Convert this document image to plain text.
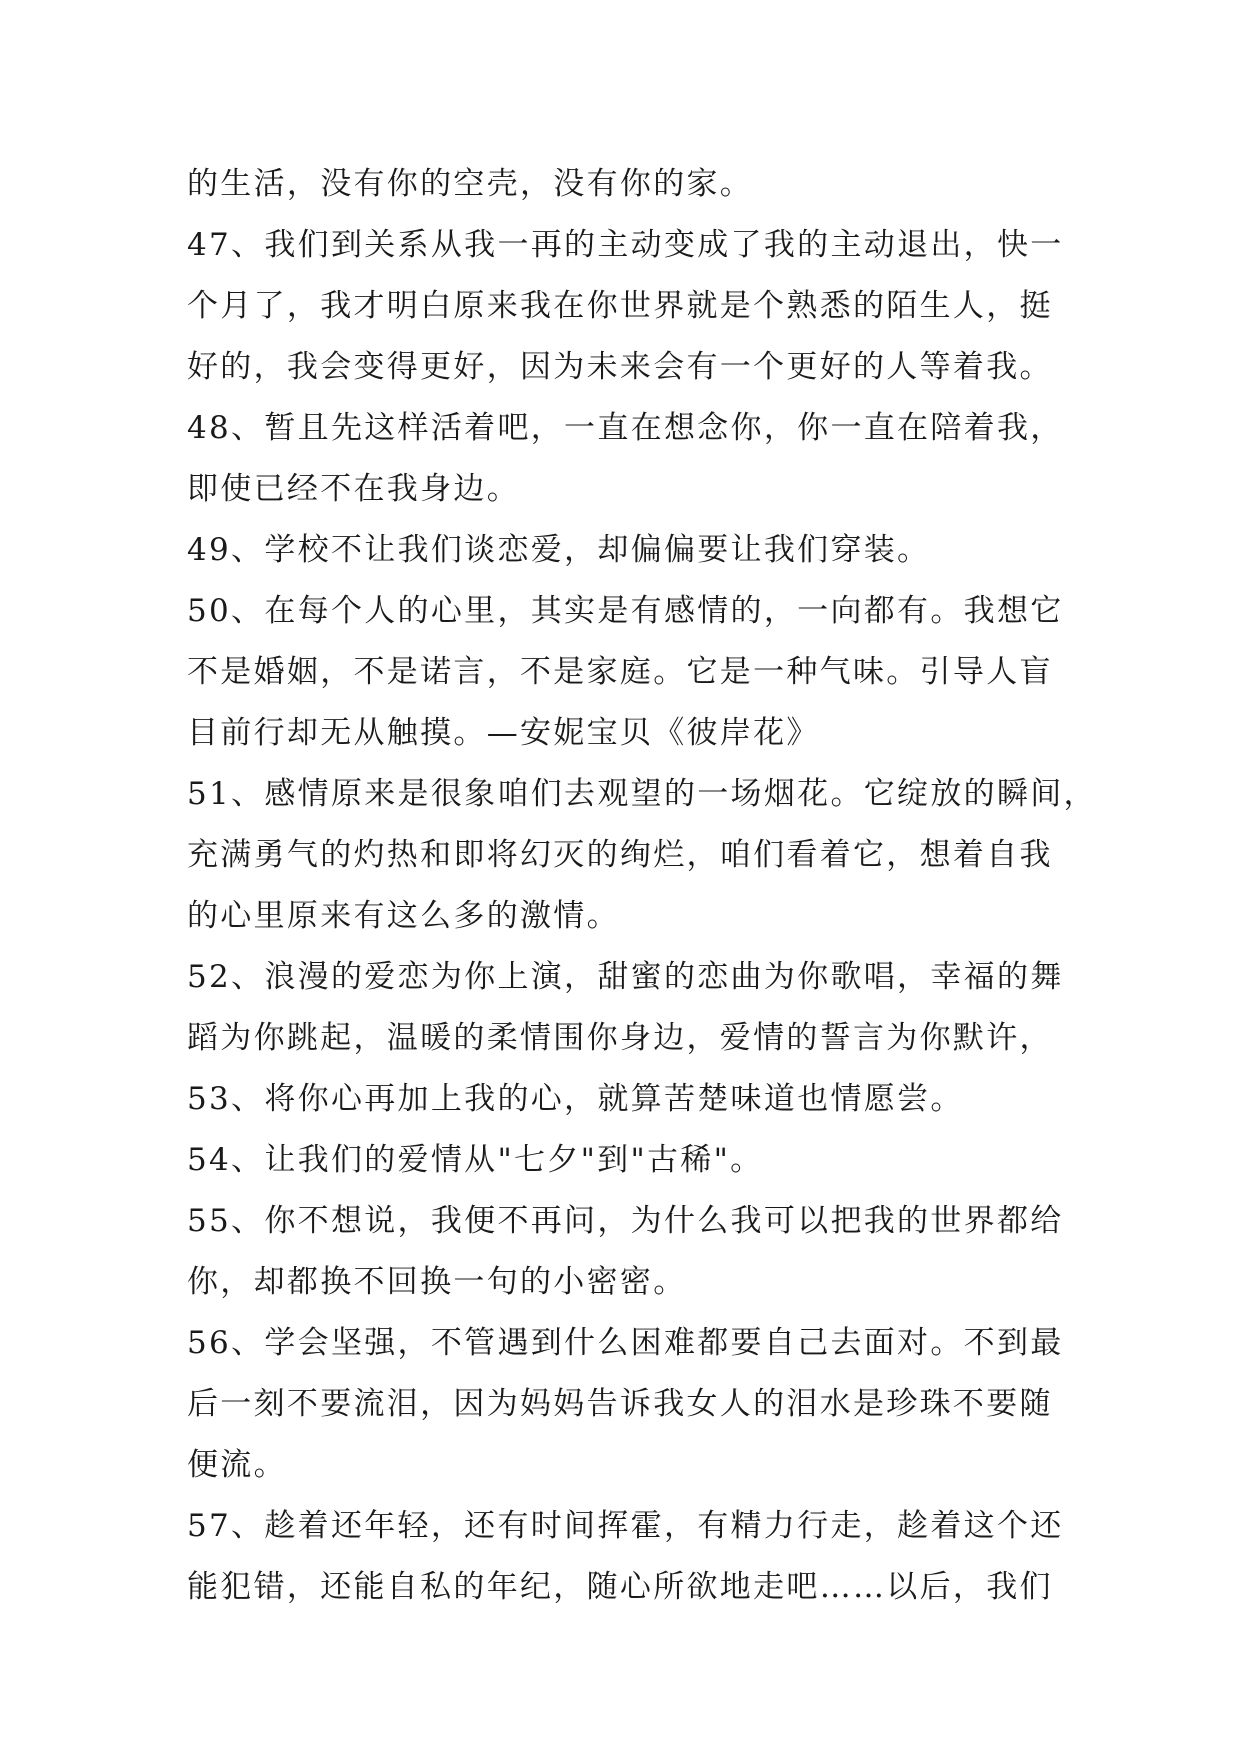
的生活，没有你的空壳，没有你的家。
47、我们到关系从我一再的主动变成了我的主动退出，快一
个月了，我才明白原来我在你世界就是个熟悉的陌生人，挺
好的，我会变得更好，因为未来会有一个更好的人等着我。
48、暂且先这样活着吧，一直在想念你，你一直在陪着我，
即使已经不在我身边。
49、学校不让我们谈恋爱，却偏偏要让我们穿装。
50、在每个人的心里，其实是有感情的，一向都有。我想它
不是婚姻，不是诺言，不是家庭。它是一种气味。引导人盲
目前行却无从触摸。—安妮宝贝《彼岸花》
51、感情原来是很象咱们去观望的一场烟花。它绽放的瞬间，
充满勇气的灼热和即将幻灭的绚烂，咱们看着它，想着自我
的心里原来有这么多的激情。
52、浪漫的爱恋为你上演，甜蜜的恋曲为你歌唱，幸福的舞
蹈为你跳起，温暖的柔情围你身边，爱情的誓言为你默许，
53、将你心再加上我的心，就算苦楚味道也情愿尝。
54、让我们的爱情从"七夕"到"古稀"。
55、你不想说，我便不再问，为什么我可以把我的世界都给
你，却都换不回换一句的小密密。
56、学会坚强，不管遇到什么困难都要自己去面对。不到最
后一刻不要流泪，因为妈妈告诉我女人的泪水是珍珠不要随
便流。
57、趁着还年轻，还有时间挥霍，有精力行走，趁着这个还
能犯错，还能自私的年纪，随心所欲地走吧……以后，我们
